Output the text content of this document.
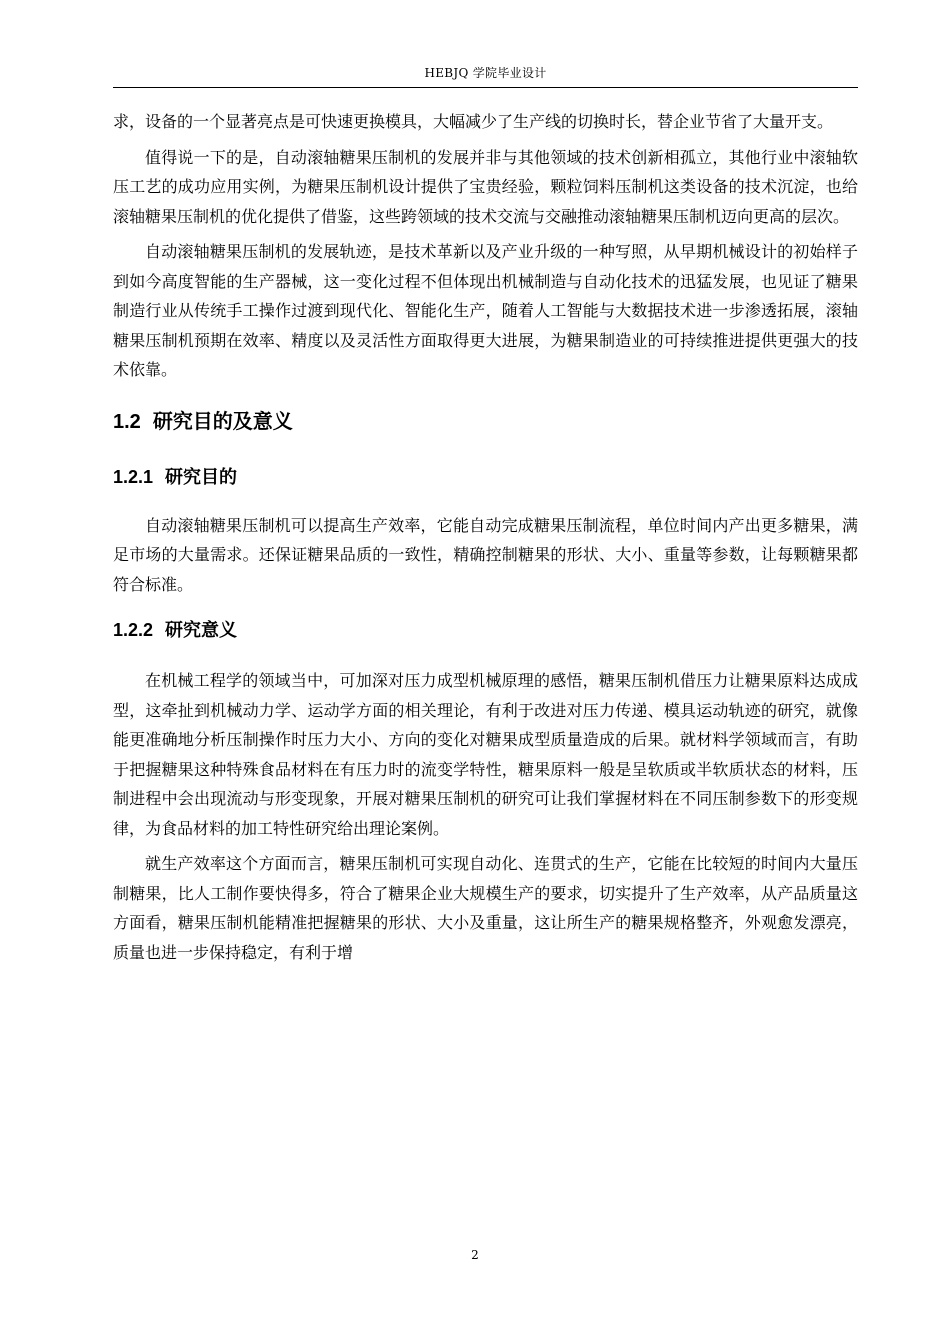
HEBJQ 学院毕业设计

求，设备的一个显著亮点是可快速更换模具，大幅减少了生产线的切换时长，替企业节省了大量开支。

值得说一下的是，自动滚轴糖果压制机的发展并非与其他领域的技术创新相孤立，其他行业中滚轴软压工艺的成功应用实例，为糖果压制机设计提供了宝贵经验，颗粒饲料压制机这类设备的技术沉淀，也给滚轴糖果压制机的优化提供了借鉴，这些跨领域的技术交流与交融推动滚轴糖果压制机迈向更高的层次。

自动滚轴糖果压制机的发展轨迹，是技术革新以及产业升级的一种写照，从早期机械设计的初始样子到如今高度智能的生产器械，这一变化过程不但体现出机械制造与自动化技术的迅猛发展，也见证了糖果制造行业从传统手工操作过渡到现代化、智能化生产，随着人工智能与大数据技术进一步渗透拓展，滚轴糖果压制机预期在效率、精度以及灵活性方面取得更大进展，为糖果制造业的可持续推进提供更强大的技术依靠。

1.2 研究目的及意义
1.2.1 研究目的

自动滚轴糖果压制机可以提高生产效率，它能自动完成糖果压制流程，单位时间内产出更多糖果，满足市场的大量需求。还保证糖果品质的一致性，精确控制糖果的形状、大小、重量等参数，让每颗糖果都符合标准。

1.2.2 研究意义

在机械工程学的领域当中，可加深对压力成型机械原理的感悟，糖果压制机借压力让糖果原料达成成型，这牵扯到机械动力学、运动学方面的相关理论，有利于改进对压力传递、模具运动轨迹的研究，就像能更准确地分析压制操作时压力大小、方向的变化对糖果成型质量造成的后果。就材料学领域而言，有助于把握糖果这种特殊食品材料在有压力时的流变学特性，糖果原料一般是呈软质或半软质状态的材料，压制进程中会出现流动与形变现象，开展对糖果压制机的研究可让我们掌握材料在不同压制参数下的形变规律，为食品材料的加工特性研究给出理论案例。

就生产效率这个方面而言，糖果压制机可实现自动化、连贯式的生产，它能在比较短的时间内大量压制糖果，比人工制作要快得多，符合了糖果企业大规模生产的要求，切实提升了生产效率，从产品质量这方面看，糖果压制机能精准把握糖果的形状、大小及重量，这让所生产的糖果规格整齐，外观愈发漂亮，质量也进一步保持稳定，有利于增

2
